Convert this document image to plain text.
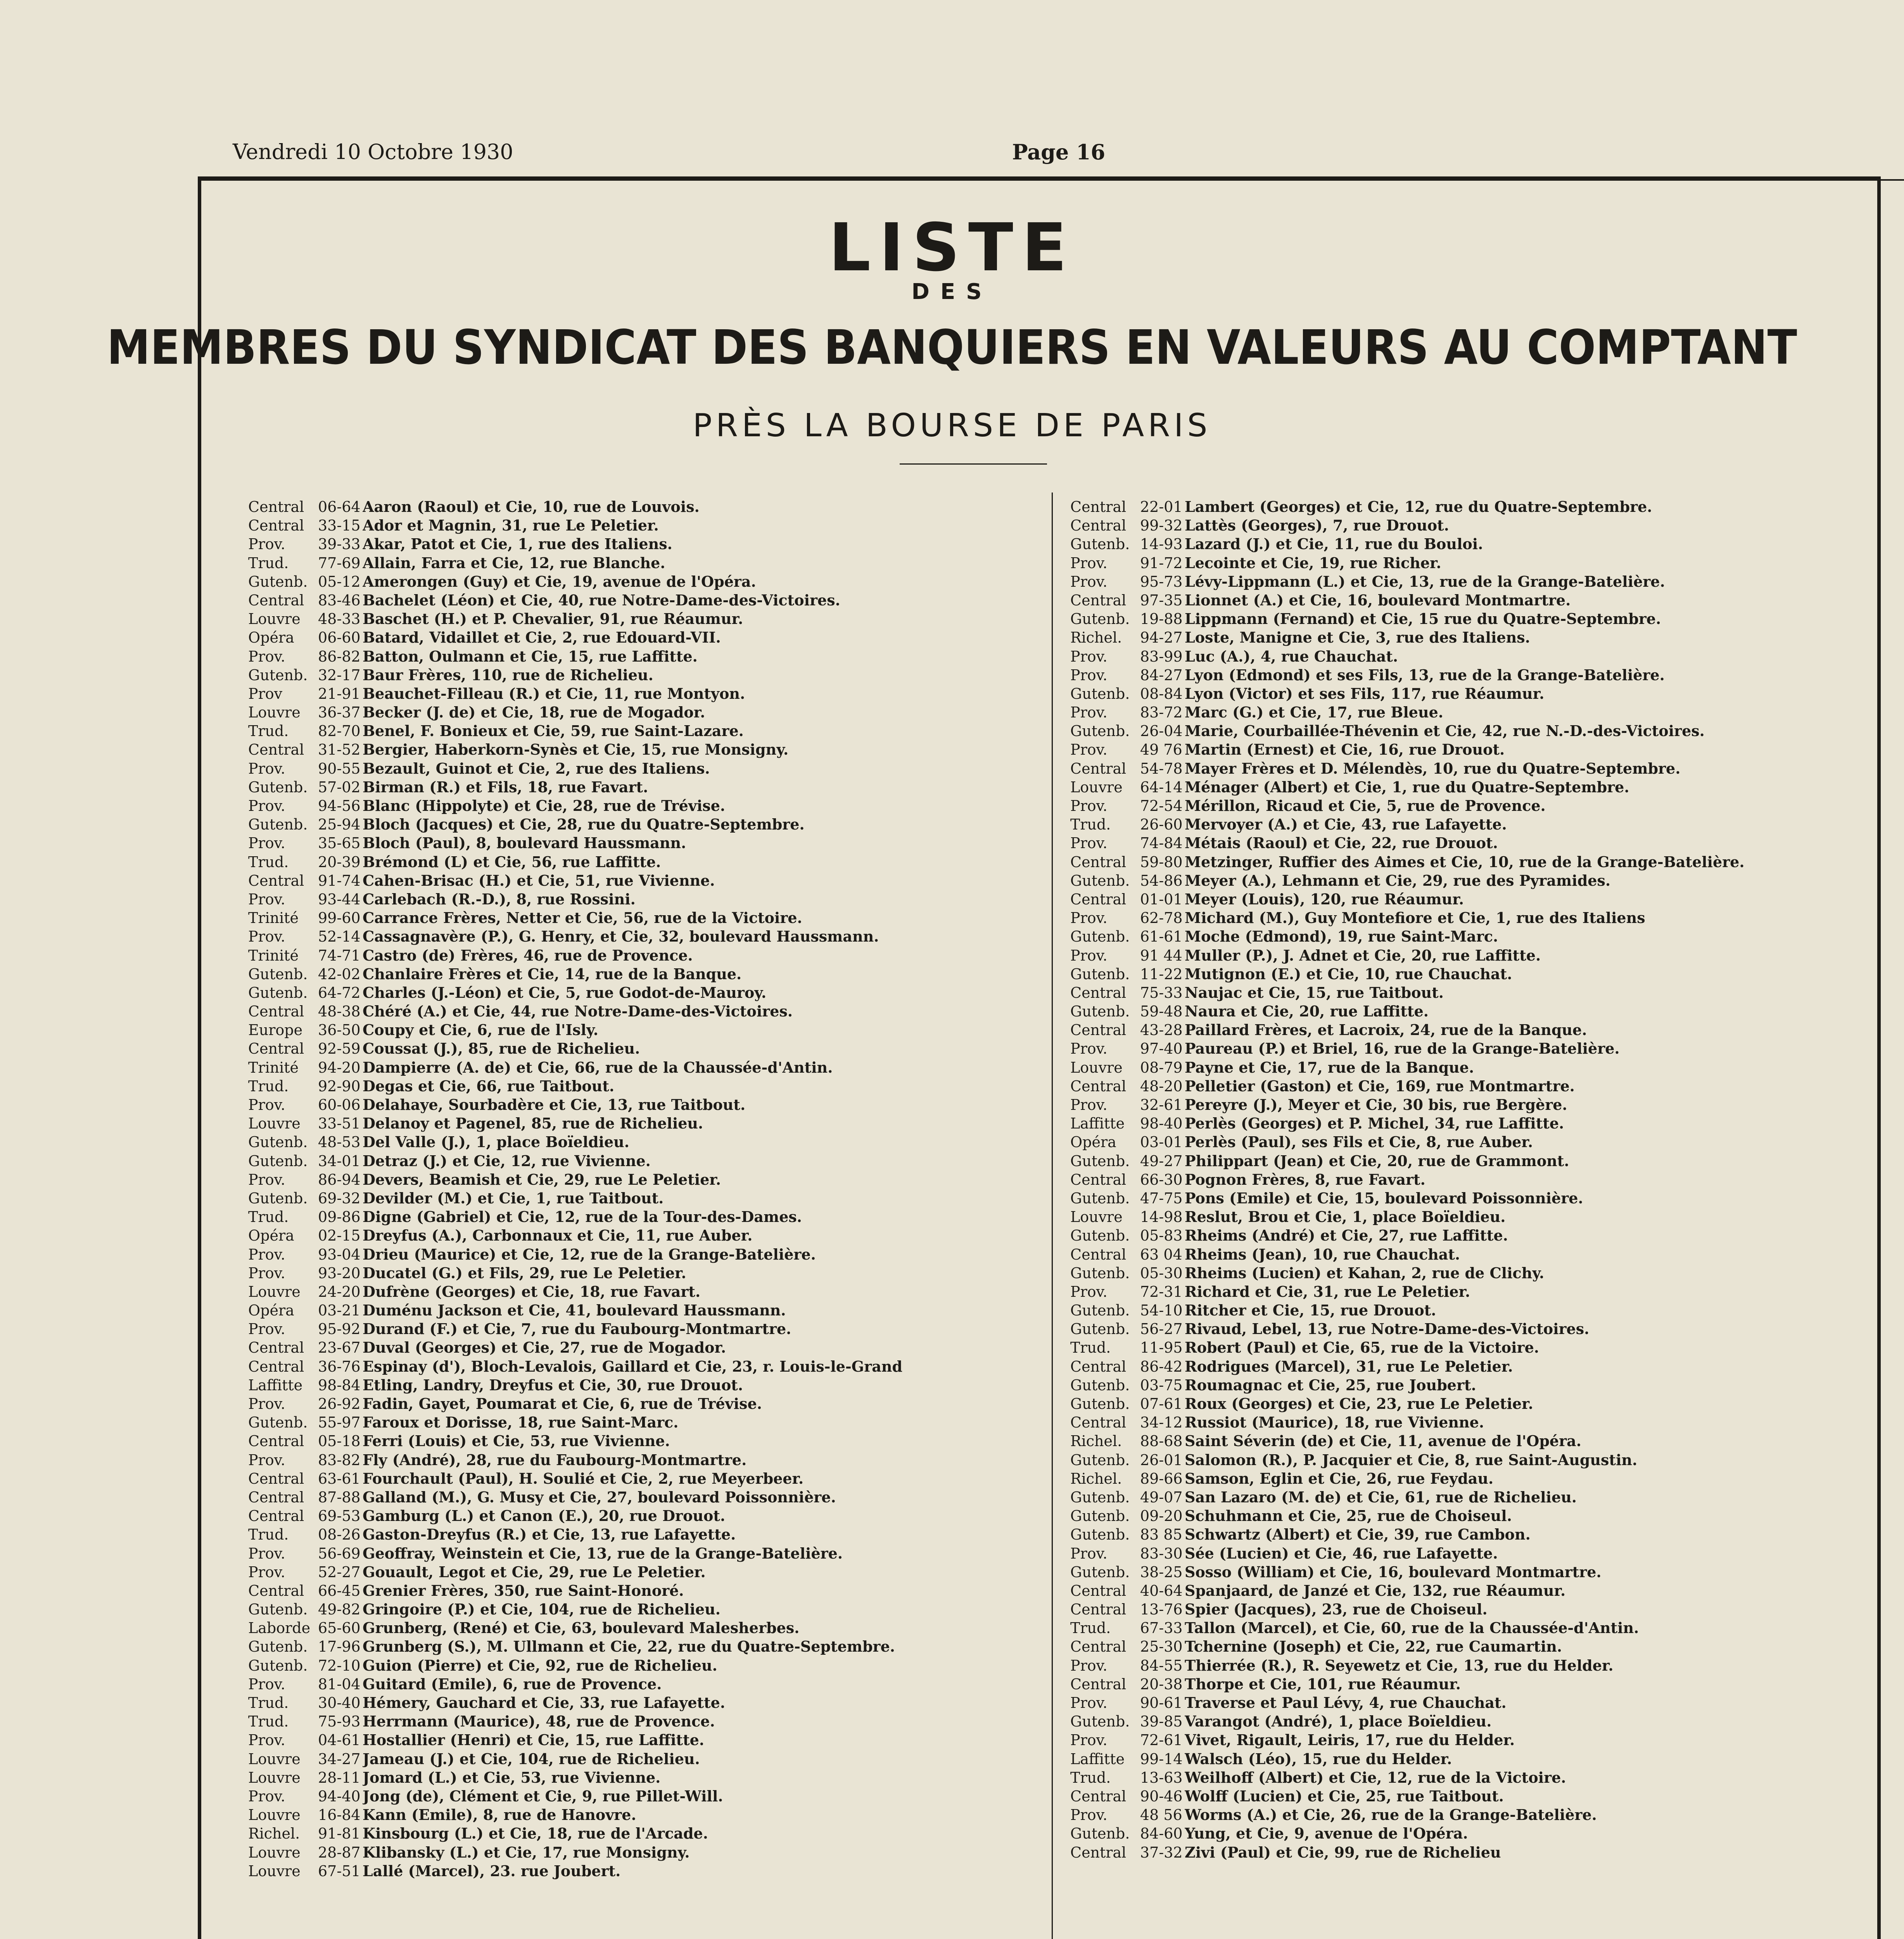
Vendredi 10 Octobre 1930	Page 16
LISTE
DES
MEMBRES DU SYNDICAT DES BANQUIERS EN VALEURS AU COMPTANT
PRÈS LA BOURSE DE PARIS
Central 06-64 Aaron (Raoul) et Cie, 10, rue de Louvois.
Central 33-15 Ador et Magnin, 31, rue Le Peletier.
Prov.	39-33 Akar, Patot et Cie, 1, rue des Italiens.
Trud.	77-69 Allain, Farra et Cie, 12, rue Blanche.
Gutenb. 05-12 Amerongen (Guy) et Cie, 19, avenue de l'Opéra.
Central 83-46 Bachelet (Léon) et Cie, 40, rue Notre-Dame-des-Victoires.
Louvre	48-33 Baschet (H.) et P. Chevalier, 91, rue Réaumur.
Opéra	06-60 Batard, Vidaillet et Cie, 2, rue Edouard-VII.
Prov.	86-82 Batton, Oulmann et Cie, 15, rue Laffitte.
Gutenb. 32-17 Baur Frères, 110, rue de Richelieu.
Prov	21-91 Beauchet-Filleau (R.) et Cie, 11, rue Montyon.
Louvre	36-37 Becker (J. de) et Cie, 18, rue de Mogador.
Trud.	82-70 Benel, F. Bonieux et Cie, 59, rue Saint-Lazare.
Central 31-52 Bergier, Haberkorn-Synès et Cie, 15, rue Monsigny.
Prov.	90-55 Bezault, Guinot et Cie, 2, rue des Italiens.
Gutenb. 57-02 Birman (R.) et Fils, 18, rue Favart.
Prov.	94-56 Blanc (Hippolyte) et Cie, 28, rue de Trévise.
Gutenb. 25-94 Bloch (Jacques) et Cie, 28, rue du Quatre-Septembre.
Prov.	35-65 Bloch (Paul), 8, boulevard Haussmann.
Trud.	20-39 Brémond (L) et Cie, 56, rue Laffitte.
Central 91-74 Cahen-Brisac (H.) et Cie, 51, rue Vivienne.
Prov.	93-44 Carlebach (R.-D.), 8, rue Rossini.
Trinité	99-60 Carrance Frères, Netter et Cie, 56, rue de la Victoire.
Prov.	52-14 Cassagnavère (P.), G. Henry, et Cie, 32, boulevard Haussmann.
Trinité	74-71 Castro (de) Frères, 46, rue de Provence.
Gutenb. 42-02 Chanlaire Frères et Cie, 14, rue de la Banque.
Gutenb. 64-72 Charles (J.-Léon) et Cie, 5, rue Godot-de-Mauroy.
Central 48-38 Chéré (A.) et Cie, 44, rue Notre-Dame-des-Victoires.
Europe	36-50 Coupy et Cie, 6, rue de l'Isly.
Central 92-59 Coussat (J.), 85, rue de Richelieu.
Trinité	94-20 Dampierre (A. de) et Cie, 66, rue de la Chaussée-d'Antin.
Trud.	92-90 Degas et Cie, 66, rue Taitbout.
Prov.	60-06 Delahaye, Sourbadère et Cie, 13, rue Taitbout.
Louvre	33-51 Delanoy et Pagenel, 85, rue de Richelieu.
Gutenb. 48-53 Del Valle (J.), 1, place Boïeldieu.
Gutenb. 34-01 Detraz (J.) et Cie, 12, rue Vivienne.
Prov.	86-94 Devers, Beamish et Cie, 29, rue Le Peletier.
Gutenb. 69-32 Devilder (M.) et Cie, 1, rue Taitbout.
Trud.	09-86 Digne (Gabriel) et Cie, 12, rue de la Tour-des-Dames.
Opéra	02-15 Dreyfus (A.), Carbonnaux et Cie, 11, rue Auber.
Prov.	93-04 Drieu (Maurice) et Cie, 12, rue de la Grange-Batelière.
Prov.	93-20 Ducatel (G.) et Fils, 29, rue Le Peletier.
Louvre	24-20 Dufrène (Georges) et Cie, 18, rue Favart.
Opéra	03-21 Duménu Jackson et Cie, 41, boulevard Haussmann.
Prov.	95-92 Durand (F.) et Cie, 7, rue du Faubourg-Montmartre.
Central 23-67 Duval (Georges) et Cie, 27, rue de Mogador.
Central 36-76 Espinay (d'), Bloch-Levalois, Gaillard et Cie, 23, r. Louis-le-Grand
Laffitte	98-84 Etling, Landry, Dreyfus et Cie, 30, rue Drouot.
Prov.	26-92 Fadin, Gayet, Poumarat et Cie, 6, rue de Trévise.
Gutenb. 55-97 Faroux et Dorisse, 18, rue Saint-Marc.
Central 05-18 Ferri (Louis) et Cie, 53, rue Vivienne.
Prov.	83-82 Fly (André), 28, rue du Faubourg-Montmartre.
Central 63-61 Fourchault (Paul), H. Soulié et Cie, 2, rue Meyerbeer.
Central 87-88 Galland (M.), G. Musy et Cie, 27, boulevard Poissonnière.
Central 69-53 Gamburg (L.) et Canon (E.), 20, rue Drouot.
Trud.	08-26 Gaston-Dreyfus (R.) et Cie, 13, rue Lafayette.
Prov.	56-69 Geoffray, Weinstein et Cie, 13, rue de la Grange-Batelière.
Prov.	52-27 Gouault, Legot et Cie, 29, rue Le Peletier.
Central 66-45 Grenier Frères, 350, rue Saint-Honoré.
Gutenb. 49-82 Gringoire (P.) et Cie, 104, rue de Richelieu.
Laborde 65-60 Grunberg, (René) et Cie, 63, boulevard Malesherbes.
Gutenb. 17-96 Grunberg (S.), M. Ullmann et Cie, 22, rue du Quatre-Septembre.
Gutenb. 72-10 Guion (Pierre) et Cie, 92, rue de Richelieu.
Prov.	81-04 Guitard (Emile), 6, rue de Provence.
Trud.	30-40 Hémery, Gauchard et Cie, 33, rue Lafayette.
Trud.	75-93 Herrmann (Maurice), 48, rue de Provence.
Prov.	04-61 Hostallier (Henri) et Cie, 15, rue Laffitte.
Louvre	34-27 Jameau (J.) et Cie, 104, rue de Richelieu.
Louvre	28-11 Jomard (L.) et Cie, 53, rue Vivienne.
Prov.	94-40 Jong (de), Clément et Cie, 9, rue Pillet-Will.
Louvre	16-84 Kann (Emile), 8, rue de Hanovre.
Richel.	91-81 Kinsbourg (L.) et Cie, 18, rue de l'Arcade.
Louvre	28-87 Klibansky (L.) et Cie, 17, rue Monsigny.
Louvre	67-51 Lallé (Marcel), 23. rue Joubert.
Central 22-01 Lambert (Georges) et Cie, 12, rue du Quatre-Septembre.
Central 99-32 Lattès (Georges), 7, rue Drouot.
Gutenb. 14-93 Lazard (J.) et Cie, 11, rue du Bouloi.
Prov.	91-72 Lecointe et Cie, 19, rue Richer.
Prov.	95-73 Lévy-Lippmann (L.) et Cie, 13, rue de la Grange-Batelière.
Central 97-35 Lionnet (A.) et Cie, 16, boulevard Montmartre.
Gutenb. 19-88 Lippmann (Fernand) et Cie, 15 rue du Quatre-Septembre.
Richel.	94-27 Loste, Manigne et Cie, 3, rue des Italiens.
Prov.	83-99 Luc (A.), 4, rue Chauchat.
Prov.	84-27 Lyon (Edmond) et ses Fils, 13, rue de la Grange-Batelière.
Gutenb. 08-84 Lyon (Victor) et ses Fils, 117, rue Réaumur.
Prov.	83-72 Marc (G.) et Cie, 17, rue Bleue.
Gutenb. 26-04 Marie, Courbaillée-Thévenin et Cie, 42, rue N.-D.-des-Victoires.
Prov.	49 76 Martin (Ernest) et Cie, 16, rue Drouot.
Central 54-78 Mayer Frères et D. Mélendès, 10, rue du Quatre-Septembre.
Louvre	64-14 Ménager (Albert) et Cie, 1, rue du Quatre-Septembre.
Prov.	72-54 Mérillon, Ricaud et Cie, 5, rue de Provence.
Trud.	26-60 Mervoyer (A.) et Cie, 43, rue Lafayette.
Prov.	74-84 Métais (Raoul) et Cie, 22, rue Drouot.
Central 59-80 Metzinger, Ruffier des Aimes et Cie, 10, rue de la Grange-Batelière.
Gutenb. 54-86 Meyer (A.), Lehmann et Cie, 29, rue des Pyramides.
Central 01-01 Meyer (Louis), 120, rue Réaumur.
Prov.	62-78 Michard (M.), Guy Montefiore et Cie, 1, rue des Italiens
Gutenb. 61-61 Moche (Edmond), 19, rue Saint-Marc.
Prov.	91 44 Muller (P.), J. Adnet et Cie, 20, rue Laffitte.
Gutenb. 11-22 Mutignon (E.) et Cie, 10, rue Chauchat.
Central 75-33 Naujac et Cie, 15, rue Taitbout.
Gutenb. 59-48 Naura et Cie, 20, rue Laffitte.
Central 43-28 Paillard Frères, et Lacroix, 24, rue de la Banque.
Prov.	97-40 Paureau (P.) et Briel, 16, rue de la Grange-Batelière.
Louvre	08-79 Payne et Cie, 17, rue de la Banque.
Central 48-20 Pelletier (Gaston) et Cie, 169, rue Montmartre.
Prov.	32-61 Pereyre (J.), Meyer et Cie, 30 bis, rue Bergère.
Laffitte	98-40 Perlès (Georges) et P. Michel, 34, rue Laffitte.
Opéra	03-01 Perlès (Paul), ses Fils et Cie, 8, rue Auber.
Gutenb. 49-27 Philippart (Jean) et Cie, 20, rue de Grammont.
Central 66-30 Pognon Frères, 8, rue Favart.
Gutenb. 47-75 Pons (Emile) et Cie, 15, boulevard Poissonnière.
Louvre	14-98 Reslut, Brou et Cie, 1, place Boïeldieu.
Gutenb. 05-83 Rheims (André) et Cie, 27, rue Laffitte.
Central 63 04 Rheims (Jean), 10, rue Chauchat.
Gutenb. 05-30 Rheims (Lucien) et Kahan, 2, rue de Clichy.
Prov.	72-31 Richard et Cie, 31, rue Le Peletier.
Gutenb. 54-10 Ritcher et Cie, 15, rue Drouot.
Gutenb. 56-27 Rivaud, Lebel, 13, rue Notre-Dame-des-Victoires.
Trud.	11-95 Robert (Paul) et Cie, 65, rue de la Victoire.
Central 86-42 Rodrigues (Marcel), 31, rue Le Peletier.
Gutenb. 03-75 Roumagnac et Cie, 25, rue Joubert.
Gutenb. 07-61 Roux (Georges) et Cie, 23, rue Le Peletier.
Central 34-12 Russiot (Maurice), 18, rue Vivienne.
Richel.	88-68 Saint Séverin (de) et Cie, 11, avenue de l'Opéra.
Gutenb. 26-01 Salomon (R.), P. Jacquier et Cie, 8, rue Saint-Augustin.
Richel.	89-66 Samson, Eglin et Cie, 26, rue Feydau.
Gutenb. 49-07 San Lazaro (M. de) et Cie, 61, rue de Richelieu.
Gutenb. 09-20 Schuhmann et Cie, 25, rue de Choiseul.
Gutenb. 83 85 Schwartz (Albert) et Cie, 39, rue Cambon.
Prov.	83-30 Sée (Lucien) et Cie, 46, rue Lafayette.
Gutenb. 38-25 Sosso (William) et Cie, 16, boulevard Montmartre.
Central 40-64 Spanjaard, de Janzé et Cie, 132, rue Réaumur.
Central 13-76 Spier (Jacques), 23, rue de Choiseul.
Trud.	67-33 Tallon (Marcel), et Cie, 60, rue de la Chaussée-d'Antin.
Central 25-30 Tchernine (Joseph) et Cie, 22, rue Caumartin.
Prov.	84-55 Thierrée (R.), R. Seyewetz et Cie, 13, rue du Helder.
Central 20-38 Thorpe et Cie, 101, rue Réaumur.
Prov.	90-61 Traverse et Paul Lévy, 4, rue Chauchat.
Gutenb. 39-85 Varangot (André), 1, place Boïeldieu.
Prov.	72-61 Vivet, Rigault, Leiris, 17, rue du Helder.
Laffitte	99-14 Walsch (Léo), 15, rue du Helder.
Trud.	13-63 Weilhoff (Albert) et Cie, 12, rue de la Victoire.
Central 90-46 Wolff (Lucien) et Cie, 25, rue Taitbout.
Prov.	48 56 Worms (A.) et Cie, 26, rue de la Grange-Batelière.
Gutenb. 84-60 Yung, et Cie, 9, avenue de l'Opéra.
Central 37-32 Zivi (Paul) et Cie, 99, rue de Richelieu
